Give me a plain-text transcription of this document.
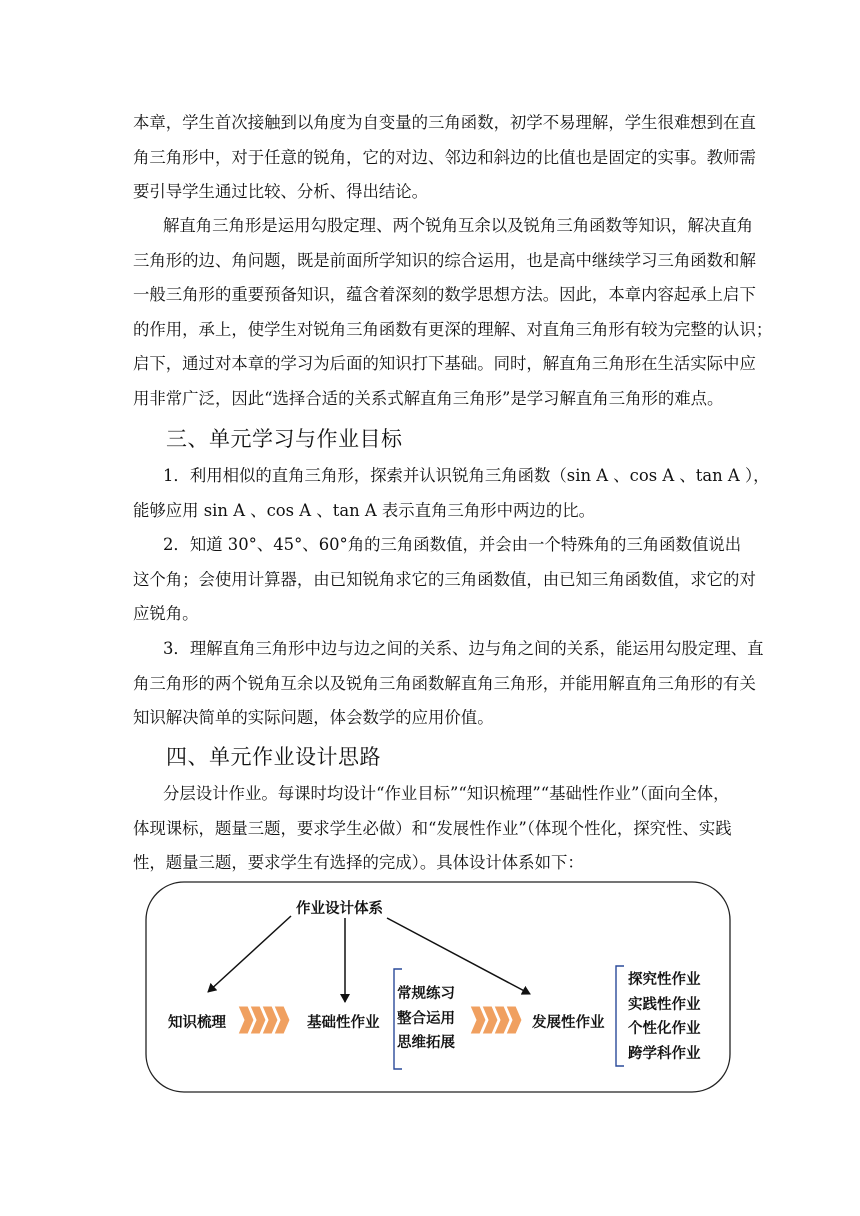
本章，学生首次接触到以角度为自变量的三角函数，初学不易理解，学生很难想到在直
角三角形中，对于任意的锐角，它的对边、邻边和斜边的比值也是固定的实事。教师需
要引导学生通过比较、分析、得出结论。
解直角三角形是运用勾股定理、两个锐角互余以及锐角三角函数等知识，解决直角
三角形的边、角问题，既是前面所学知识的综合运用，也是高中继续学习三角函数和解
一般三角形的重要预备知识，蕴含着深刻的数学思想方法。因此，本章内容起承上启下
的作用，承上，使学生对锐角三角函数有更深的理解、对直角三角形有较为完整的认识；
启下，通过对本章的学习为后面的知识打下基础。同时，解直角三角形在生活实际中应
用非常广泛，因此“选择合适的关系式解直角三角形”是学习解直角三角形的难点。
三、单元学习与作业目标
1．利用相似的直角三角形，探索并认识锐角三角函数（sin A 、cos A 、tan A ），
能够应用 sin A 、cos A 、tan A 表示直角三角形中两边的比。
2．知道 30°、45°、60°角的三角函数值，并会由一个特殊角的三角函数值说出
这个角；会使用计算器，由已知锐角求它的三角函数值，由已知三角函数值，求它的对
应锐角。
3．理解直角三角形中边与边之间的关系、边与角之间的关系，能运用勾股定理、直
角三角形的两个锐角互余以及锐角三角函数解直角三角形，并能用解直角三角形的有关
知识解决简单的实际问题，体会数学的应用价值。
四、单元作业设计思路
分层设计作业。每课时均设计“作业目标”“知识梳理”“基础性作业”（面向全体，
体现课标，题量三题，要求学生必做）和“发展性作业”（体现个性化，探究性、实践
性，题量三题，要求学生有选择的完成）。具体设计体系如下：
作业设计体系
知识梳理	基础性作业
常规练习
整合运用
思维拓展
发展性作业
探究性作业
实践性作业
个性化作业
跨学科作业
